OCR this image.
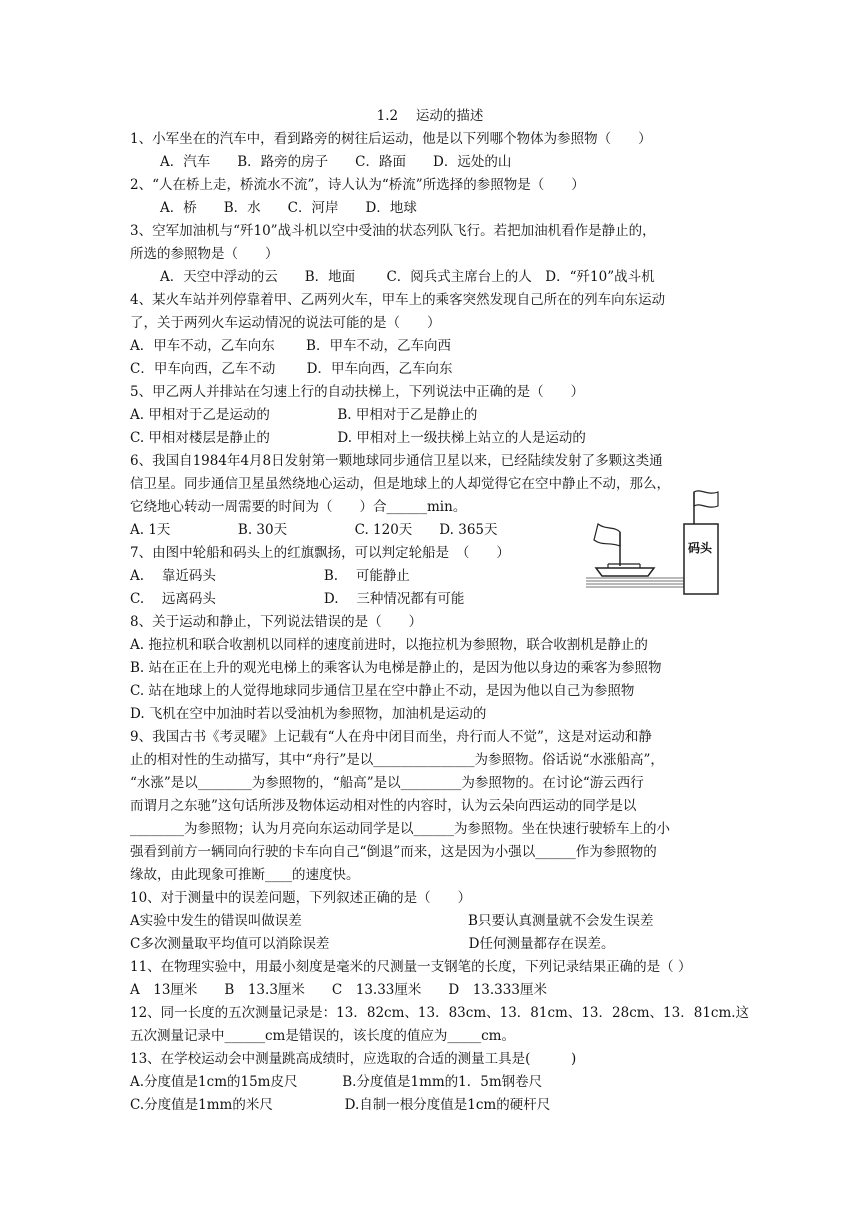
1.2　 运动的描述
1、小军坐在的汽车中，看到路旁的树往后运动，他是以下列哪个物体为参照物（　　）
A．汽车　　B．路旁的房子　　C．路面　　D．远处的山
2、“人在桥上走，桥流水不流”，诗人认为“桥流”所选择的参照物是（　　）
A．桥　　B．水　　C．河岸　　D．地球
3、空军加油机与“歼10”战斗机以空中受油的状态列队飞行。若把加油机看作是静止的，
所选的参照物是（　　）
A．天空中浮动的云　　B．地面　　 C．阅兵式主席台上的人　D．“歼10”战斗机
4、某火车站并列停靠着甲、乙两列火车，甲车上的乘客突然发现自己所在的列车向东运动
了，关于两列火车运动情况的说法可能的是（　　）
A．甲车不动，乙车向东　　 B．甲车不动，乙车向西
C．甲车向西，乙车不动　　 D．甲车向西，乙车向东
5、甲乙两人并排站在匀速上行的自动扶梯上，下列说法中正确的是（　　）
A. 甲相对于乙是运动的　　　　　B. 甲相对于乙是静止的
C. 甲相对楼层是静止的　　　　　D. 甲相对上一级扶梯上站立的人是运动的
6、我国自1984年4月8日发射第一颗地球同步通信卫星以来，已经陆续发射了多颗这类通
信卫星。同步通信卫星虽然绕地心运动，但是地球上的人却觉得它在空中静止不动，那么，
它绕地心转动一周需要的时间为（　　）合______min。
A. 1天　　　　　B. 30天　　　　　C. 120天　　D. 365天
7、由图中轮船和码头上的红旗飘扬，可以判定轮船是　（　　）
A.　 靠近码头　　　　　　　　B.　 可能静止
C.　 远离码头　　　　　　　　D.　 三种情况都有可能
8、关于运动和静止，下列说法错误的是（　　）
A. 拖拉机和联合收割机以同样的速度前进时，以拖拉机为参照物，联合收割机是静止的
B. 站在正在上升的观光电梯上的乘客认为电梯是静止的，是因为他以身边的乘客为参照物
C. 站在地球上的人觉得地球同步通信卫星在空中静止不动，是因为他以自己为参照物
D. 飞机在空中加油时若以受油机为参照物，加油机是运动的
9、我国古书《考灵曜》上记载有“人在舟中闭目而坐，舟行而人不觉”，这是对运动和静
止的相对性的生动描写，其中“舟行”是以_______________为参照物。俗话说“水涨船高”，
“水涨”是以________为参照物的，“船高”是以_________为参照物的。在讨论“游云西行
而谓月之东驰”这句话所涉及物体运动相对性的内容时，认为云朵向西运动的同学是以
________为参照物；认为月亮向东运动同学是以______为参照物。坐在快速行驶轿车上的小
强看到前方一辆同向行驶的卡车向自己“倒退”而来，这是因为小强以______作为参照物的
缘故，由此现象可推断____的速度快。
10、对于测量中的误差问题，下列叙述正确的是（　　）
A实验中发生的错误叫做误差　　　　　　　　　　　　 B只要认真测量就不会发生误差
C多次测量取平均值可以消除误差　　　　　　　　　　 D任何测量都存在误差。
11、在物理实验中，用最小刻度是毫米的尺测量一支钢笔的长度，下列记录结果正确的是（ ）
A　13厘米　　B　13.3厘米　　C　13.33厘米　　D　13.333厘米
12、同一长度的五次测量记录是：13．82cm、13．83cm、13．81cm、13．28cm、13．81cm.这
五次测量记录中______cm是错误的，该长度的值应为_____cm。
13、在学校运动会中测量跳高成绩时，应选取的合适的测量工具是(　　　)
A.分度值是1cm的15m皮尺　　　 B.分度值是1mm的1．5m钢卷尺
C.分度值是1mm的米尺　　　　　 D.自制一根分度值是1cm的硬杆尺
码头
